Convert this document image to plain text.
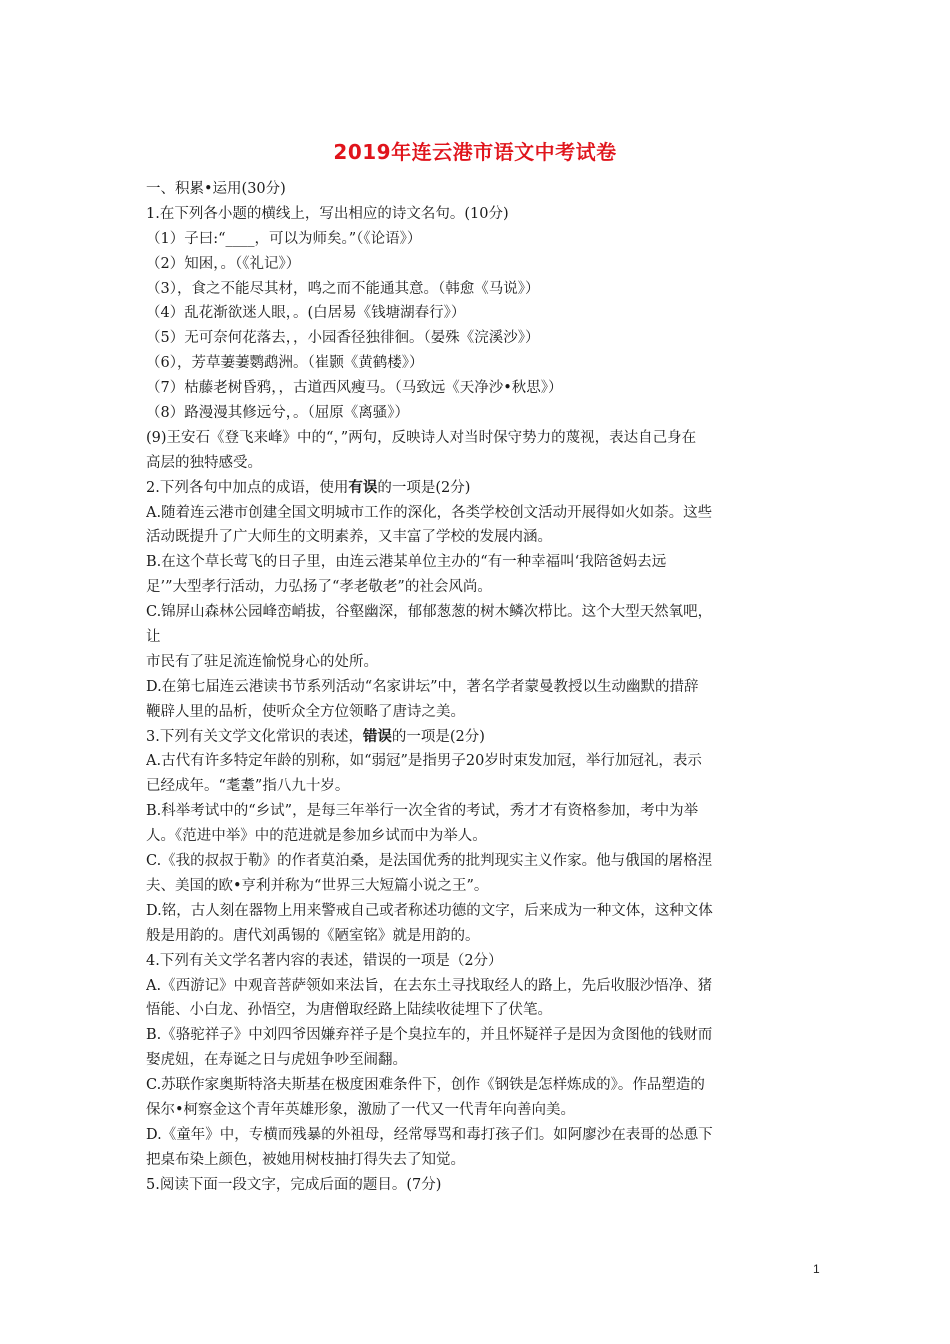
2019年连云港市语文中考试卷
一、积累•运用(30分)
1.在下列各小题的横线上，写出相应的诗文名句。(10分)
（1）子曰:“____，可以为师矣。”（《论语》）
（2）知困，。（《礼记》）
（3），食之不能尽其材，鸣之而不能通其意。（韩愈《马说》）
（4）乱花渐欲迷人眼，。(白居易《钱塘湖春行》）
（5）无可奈何花落去，，小园香径独徘徊。（晏殊《浣溪沙》）
（6），芳草萋萋鹦鹉洲。（崔颢《黄鹤楼》）
（7）枯藤老树昏鸦，，古道西风瘦马。（马致远《天净沙•秋思》）
（8）路漫漫其修远兮，。（屈原《离骚》）
(9)王安石《登飞来峰》中的“，”两句，反映诗人对当时保守势力的蔑视，表达自己身在
高层的独特感受。
2.下列各句中加点的成语，使用有误的一项是(2分)
A.随着连云港市创建全国文明城市工作的深化，各类学校创文活动开展得如火如荼。这些
活动既提升了广大师生的文明素养，又丰富了学校的发展内涵。
B.在这个草长莺飞的日子里，由连云港某单位主办的“有一种幸福叫‘我陪爸妈去远
足’”大型孝行活动，力弘扬了“孝老敬老”的社会风尚。
C.锦屏山森林公园峰峦峭拔，谷壑幽深，郁郁葱葱的树木鳞次栉比。这个大型天然氧吧，
让
市民有了驻足流连愉悦身心的处所。
D.在第七届连云港读书节系列活动“名家讲坛”中，著名学者蒙曼教授以生动幽默的措辞
鞭辟人里的品析，使听众全方位领略了唐诗之美。
3.下列有关文学文化常识的表述，错误的一项是(2分)
A.古代有许多特定年龄的别称，如“弱冠”是指男子20岁时束发加冠，举行加冠礼，表示
已经成年。“耄耋”指八九十岁。
B.科举考试中的“乡试”，是每三年举行一次全省的考试，秀才才有资格参加，考中为举
人。《范进中举》中的范进就是参加乡试而中为举人。
C.《我的叔叔于勒》的作者莫泊桑，是法国优秀的批判现实主义作家。他与俄国的屠格涅
夫、美国的欧•亨利并称为“世界三大短篇小说之王”。
D.铭，古人刻在器物上用来警戒自己或者称述功德的文字，后来成为一种文体，这种文体
般是用韵的。唐代刘禹锡的《陋室铭》就是用韵的。
4.下列有关文学名著内容的表述，错误的一项是（2分）
A.《西游记》中观音菩萨领如来法旨，在去东土寻找取经人的路上，先后收服沙悟净、猪
悟能、小白龙、孙悟空，为唐僧取经路上陆续收徒埋下了伏笔。
B.《骆驼祥子》中刘四爷因嫌弃祥子是个臭拉车的，并且怀疑祥子是因为贪图他的钱财而
娶虎妞，在寿诞之日与虎妞争吵至闹翻。
C.苏联作家奥斯特洛夫斯基在极度困难条件下，创作《钢铁是怎样炼成的》。作品塑造的
保尔•柯察金这个青年英雄形象，激励了一代又一代青年向善向美。
D.《童年》中，专横而残暴的外祖母，经常辱骂和毒打孩子们。如阿廖沙在表哥的怂恿下
把桌布染上颜色，被她用树枝抽打得失去了知觉。
5.阅读下面一段文字，完成后面的题目。(7分)
1
